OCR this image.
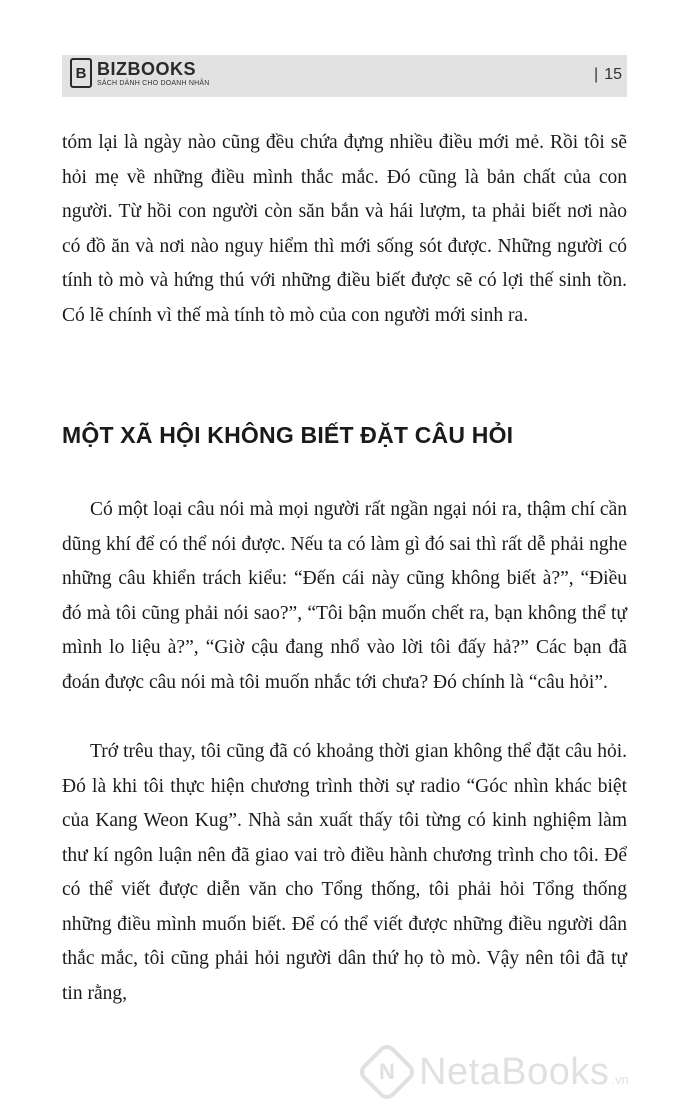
B BIZBOOKS
SÁCH DÀNH CHO DOANH NHÂN	| 15

tóm lại là ngày nào cũng đều chứa đựng nhiều điều mới mẻ. Rồi tôi sẽ hỏi mẹ về những điều mình thắc mắc. Đó cũng là bản chất của con người. Từ hồi con người còn săn bắn và hái lượm, ta phải biết nơi nào có đồ ăn và nơi nào nguy hiểm thì mới sống sót được. Những người có tính tò mò và hứng thú với những điều biết được sẽ có lợi thế sinh tồn. Có lẽ chính vì thế mà tính tò mò của con người mới sinh ra.

MỘT XÃ HỘI KHÔNG BIẾT ĐẶT CÂU HỎI

Có một loại câu nói mà mọi người rất ngần ngại nói ra, thậm chí cần dũng khí để có thể nói được. Nếu ta có làm gì đó sai thì rất dễ phải nghe những câu khiển trách kiểu: “Đến cái này cũng không biết à?”, “Điều đó mà tôi cũng phải nói sao?”, “Tôi bận muốn chết ra, bạn không thể tự mình lo liệu à?”, “Giờ cậu đang nhổ vào lời tôi đấy hả?” Các bạn đã đoán được câu nói mà tôi muốn nhắc tới chưa? Đó chính là “câu hỏi”.

Trớ trêu thay, tôi cũng đã có khoảng thời gian không thể đặt câu hỏi. Đó là khi tôi thực hiện chương trình thời sự radio “Góc nhìn khác biệt của Kang Weon Kug”. Nhà sản xuất thấy tôi từng có kinh nghiệm làm thư kí ngôn luận nên đã giao vai trò điều hành chương trình cho tôi. Để có thể viết được diễn văn cho Tổng thống, tôi phải hỏi Tổng thống những điều mình muốn biết. Để có thể viết được những điều người dân thắc mắc, tôi cũng phải hỏi người dân thứ họ tò mò. Vậy nên tôi đã tự tin rằng,

N NetaBooks .vn
